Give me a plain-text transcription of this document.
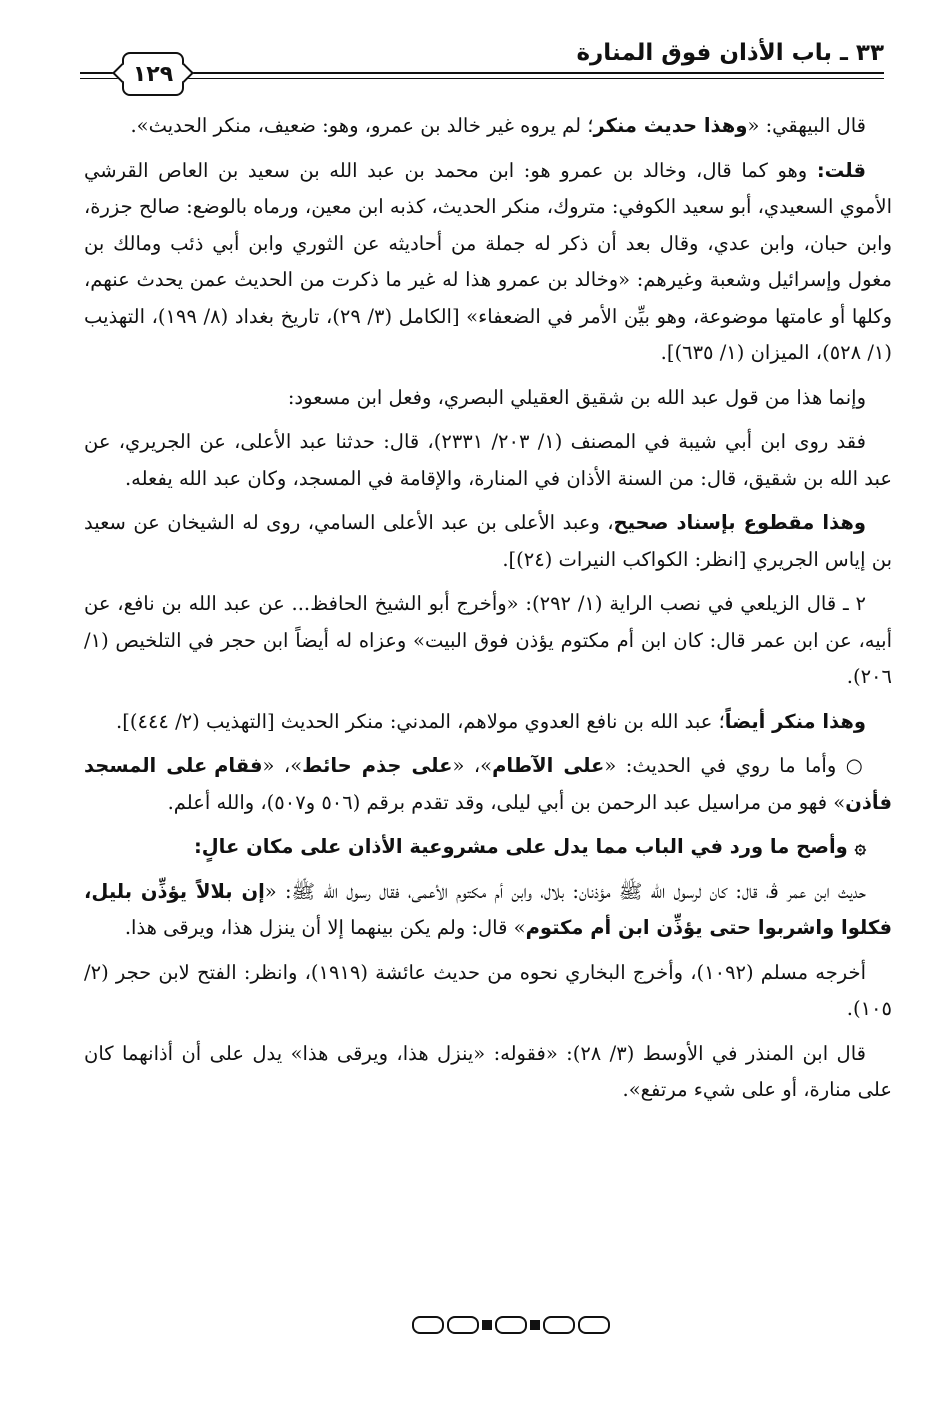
٣٣ ـ باب الأذان فوق المنارة
١٢٩

قال البيهقي: «وهذا حديث منكر؛ لم يروه غير خالد بن عمرو، وهو: ضعيف، منكر الحديث».

قلت: وهو كما قال، وخالد بن عمرو هو: ابن محمد بن عبد الله بن سعيد بن العاص القرشي الأموي السعيدي، أبو سعيد الكوفي: متروك، منكر الحديث، كذبه ابن معين، ورماه بالوضع: صالح جزرة، وابن حبان، وابن عدي، وقال بعد أن ذكر له جملة من أحاديثه عن الثوري وابن أبي ذئب ومالك بن مغول وإسرائيل وشعبة وغيرهم: «وخالد بن عمرو هذا له غير ما ذكرت من الحديث عمن يحدث عنهم، وكلها أو عامتها موضوعة، وهو بيِّن الأمر في الضعفاء» [الكامل (٣/ ٢٩)، تاريخ بغداد (٨/ ١٩٩)، التهذيب (١/ ٥٢٨)، الميزان (١/ ٦٣٥)].

وإنما هذا من قول عبد الله بن شقيق العقيلي البصري، وفعل ابن مسعود:

فقد روى ابن أبي شيبة في المصنف (١/ ٢٠٣/ ٢٣٣١)، قال: حدثنا عبد الأعلى، عن الجريري، عن عبد الله بن شقيق، قال: من السنة الأذان في المنارة، والإقامة في المسجد، وكان عبد الله يفعله.

وهذا مقطوع بإسناد صحيح، وعبد الأعلى بن عبد الأعلى السامي، روى له الشيخان عن سعيد بن إياس الجريري [انظر: الكواكب النيرات (٢٤)].

٢ ـ قال الزيلعي في نصب الراية (١/ ٢٩٢): «وأخرج أبو الشيخ الحافظ... عن عبد الله بن نافع، عن أبيه، عن ابن عمر قال: كان ابن أم مكتوم يؤذن فوق البيت» وعزاه له أيضاً ابن حجر في التلخيص (١/ ٢٠٦).

وهذا منكر أيضاً؛ عبد الله بن نافع العدوي مولاهم، المدني: منكر الحديث [التهذيب (٢/ ٤٤٤)].

○ وأما ما روي في الحديث: «على الآطام»، «على جذم حائط»، «فقام على المسجد فأذن» فهو من مراسيل عبد الرحمن بن أبي ليلى، وقد تقدم برقم (٥٠٦ و٥٠٧)، والله أعلم.

۞ وأصح ما ورد في الباب مما يدل على مشروعية الأذان على مكان عالٍ:

حديث ابن عمر ﭬ، قال: كان لرسول الله ﷺ مؤذنان: بلال، وابن أم مكتوم الأعمى، فقال رسول الله ﷺ: «إن بلالاً يؤذِّن بليل، فكلوا واشربوا حتى يؤذِّن ابن أم مكتوم» قال: ولم يكن بينهما إلا أن ينزل هذا، ويرقى هذا.

أخرجه مسلم (١٠٩٢)، وأخرج البخاري نحوه من حديث عائشة (١٩١٩)، وانظر: الفتح لابن حجر (٢/ ١٠٥).

قال ابن المنذر في الأوسط (٣/ ٢٨): «فقوله: «ينزل هذا، ويرقى هذا» يدل على أن أذانهما كان على منارة، أو على شيء مرتفع».
